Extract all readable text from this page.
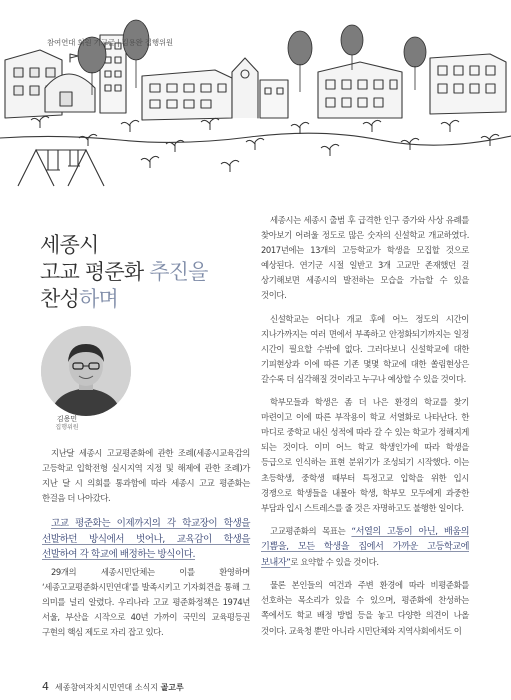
참여연대 회원 기고글 | 김용완 집행위원
세종시
고교 평준화 추진을
찬성하며
김용민
집행위원

지난달 세종시 고교평준화에 관한 조례(세종시교육감의 고등학교 입학전형 실시지역 지정 및 해제에 관한 조례)가 지난 달 시 의회를 통과함에 따라 세종시 고교 평준화는 한걸음 더 나아갔다.

고교 평준화는 이제까지의 각 학교장이 학생을 선발하던 방식에서 벗어나, 교육감이 학생을 선발하여 각 학교에 배정하는 방식이다.

29개의 세종시민단체는 이를 환영하며 ‘세종고교평준화시민연대’를 발족시키고 기자회견을 통해 그 의미를 널리 알렸다. 우리나라 고교 평준화정책은 1974년 서울, 부산을 시작으로 40년 가까이 국민의 교육평등권 구현의 핵심 제도로 자리 잡고 있다.

세종시는 세종시 출범 후 급격한 인구 증가와 사상 유례를 찾아보기 어려울 정도로 많은 숫자의 신설학교 개교하였다. 2017년에는 13개의 고등학교가 학생을 모집할 것으로 예상된다. 연기군 시절 일반고 3개 고교만 존재했던 걸 상기해보면 세종시의 발전하는 모습을 가늠할 수 있을 것이다.

신설학교는 어디나 개교 후에 어느 정도의 시간이 지나가까지는 여러 면에서 부족하고 안정화되기까지는 일정 시간이 필요할 수밖에 없다. 그러다보니 신설학교에 대한 기피현상과 이에 따른 기존 몇몇 학교에 대한 쏠림현상은 갈수록 더 심각해질 것이라고 누구나 예상할 수 있을 것이다.

학부모들과 학생은 좀 더 나은 환경의 학교를 찾기 마련이고 이에 따른 부작용이 학교 서열화로 나타난다. 한 마디로 중학교 내신 성적에 따라 갈 수 있는 학교가 정해지게 되는 것이다. 이미 어느 학교 학생인가에 따라 학생을 등급으로 인식하는 표현 분위기가 조성되기 시작했다. 이는 초등학생, 중학생 때부터 특정고교 입학을 위한 입시 경쟁으로 학생들을 내몰아 학생, 학부모 모두에게 과중한 부담과 입시 스트레스를 줄 것은 자명하고도 불행한 일이다.

고교평준화의 목표는 “서열의 고통이 아닌, 배움의 기쁨을, 모든 학생을 집에서 가까운 고등학교에 보내자”로 요약할 수 있을 것이다.

물론 본인들의 여건과 주변 환경에 따라 비평준화를 선호하는 목소리가 있을 수 있으며, 평준화에 찬성하는 쪽에서도 학교 배정 방법 등을 놓고 다양한 의견이 나올 것이다. 교육청 뿐만 아니라 시민단체와 지역사회에서도 이

4 세종참여자치시민연대 소식지 골고루
